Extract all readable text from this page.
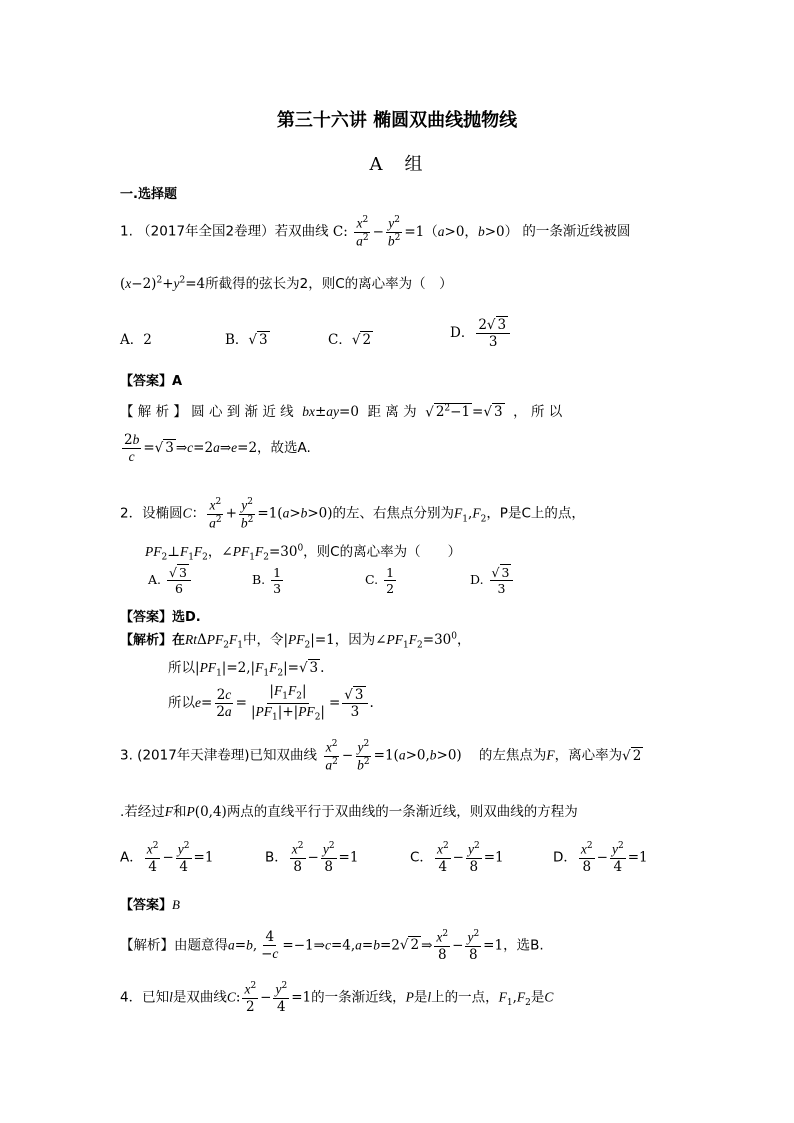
第三十六讲 椭圆双曲线抛物线
A　组
一.选择题
1. （2017年全国2卷理）若双曲线 C: $\frac{x^2}{a^2} - \frac{y^2}{b^2} =1(a>0$，b>0） 的一条渐近线被圆
$(x-2)^2+y^2=4$所截得的弦长为2，则C的离心率为（　）
A．2	B．√ 3	C．√ 2	D． $\frac{2√ 3}{3}$
【答案】A
【 解 析 】 圆 心 到 渐 近 线 bx±ay=0  距 离 为 √ $2^2-1$ =√ 3 ， 所 以
$\frac{2b}{c}$ =√ 3 ⇒c=2a⇒e=2，故选A.
2．设椭圆C： $\frac{x^2}{a^2} + \frac{y^2}{b^2} =1(a>b>0)$的左、右焦点分别为$F_1,F_2$，P是C上的点，
$PF_2\perp F_1F_2$，$\angle PF_1F_2=30^0$，则C的离心率为（　　）
A. $\frac{√ 3}{6}$	B. $\frac{1}{3}$	C. $\frac{1}{2}$	D. $\frac{√ 3}{3}$
【答案】选D.
【解析】在$Rt\Delta PF_2F_1$中，令$|PF_2|=1$，因为$\angle PF_1F_2=30^0$，
所以$|PF_1|=2,|F_1F_2|=√$ 3 .
所以$e= \frac{2c}{2a} = \frac{|F_1F_2|}{|PF_1|+|PF_2|} = \frac{√ 3}{3}$ .
3. (2017年天津卷理)已知双曲线 $\frac{x^2}{a^2} - \frac{y^2}{b^2} =1(a>0,b>0)$    的左焦点为F，离心率为√ 2
.若经过F和P(0,4)两点的直线平行于双曲线的一条渐近线，则双曲线的方程为
A． $\frac{x^2}{4} - \frac{y^2}{4} =1$	B． $\frac{x^2}{8} - \frac{y^2}{8} =1$	C． $\frac{x^2}{4} - \frac{y^2}{8} =1$	D． $\frac{x^2}{8} - \frac{y^2}{4} =1$
【答案】B
【解析】由题意得a=b, $\frac{4}{-c}$ =−1⇒c=4,a=b=2√ 2 ⇒ $\frac{x^2}{8} - \frac{y^2}{8} =1$，选B.
4．已知l是双曲线C: $\frac{x^2}{2} - \frac{y^2}{4} =1$的一条渐近线，P是l上的一点，$F_1,F_2$是C
